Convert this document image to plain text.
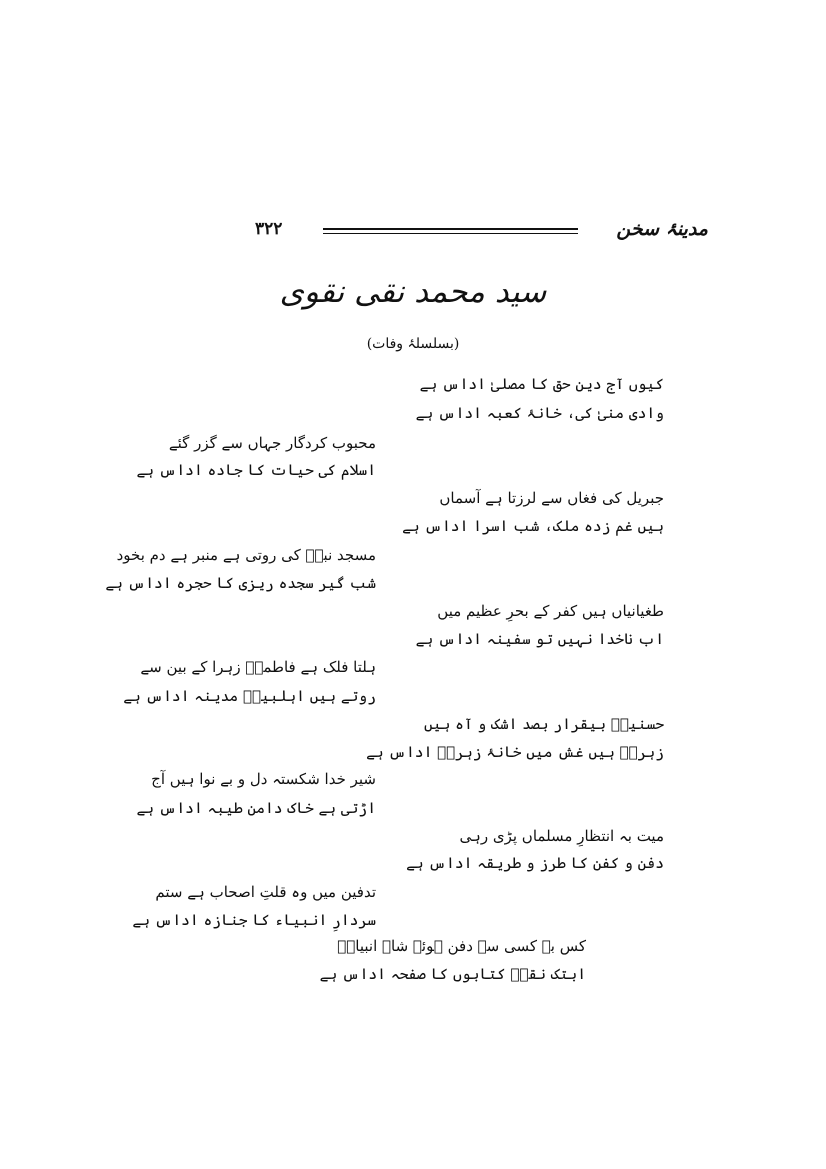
مدینۂ سخن
۳۲۲
سید محمد نقی نقوی
(بسلسلۂ وفات)
کیوں آج دینِ حق کا مصلیٰ اداس ہے
وادی منیٰ کی، خانۂ کعبہ اداس ہے
محبوب کردگار جہاں سے گزر گئے
اسلام کی حیات کا جادہ اداس ہے
جبریل کی فغاں سے لرزتا ہے آسماں
ہیں غم زدہ ملک، شب اسرا اداس ہے
مسجد نبیؐ کی روتی ہے منبر ہے دم بخود
شب گیر سجدہ ریزی کا حجرہ اداس ہے
طغیانیاں ہیں کفر کے بحرِ عظیم میں
اب ناخدا نہیں تو سفینہ اداس ہے
ہلتا فلک ہے فاطمہؑ زہرا کے بین سے
روتے ہیں اہلبیتؑ مدینہ اداس ہے
حسنینؑ بیقرار بصد اشک و آہ ہیں
زہراؑ ہیں غش میں خانۂ زہراؑ اداس ہے
شیر خدا شکستہ دل و بے نوا ہیں آج
اڑتی ہے خاک دامنِ طیبہ اداس ہے
میت بہ انتظارِ مسلماں پڑی رہی
دفن و کفن کا طرز و طریقہ اداس ہے
تدفین میں وہ قلتِ اصحاب ہے ستم
سردارِ انبیاء کا جنازہ اداس ہے
کس بے کسی سے دفن ہوئے شاہ انبیاءؐ
ابتک نقیؔ کتابوں کا صفحہ اداس ہے
